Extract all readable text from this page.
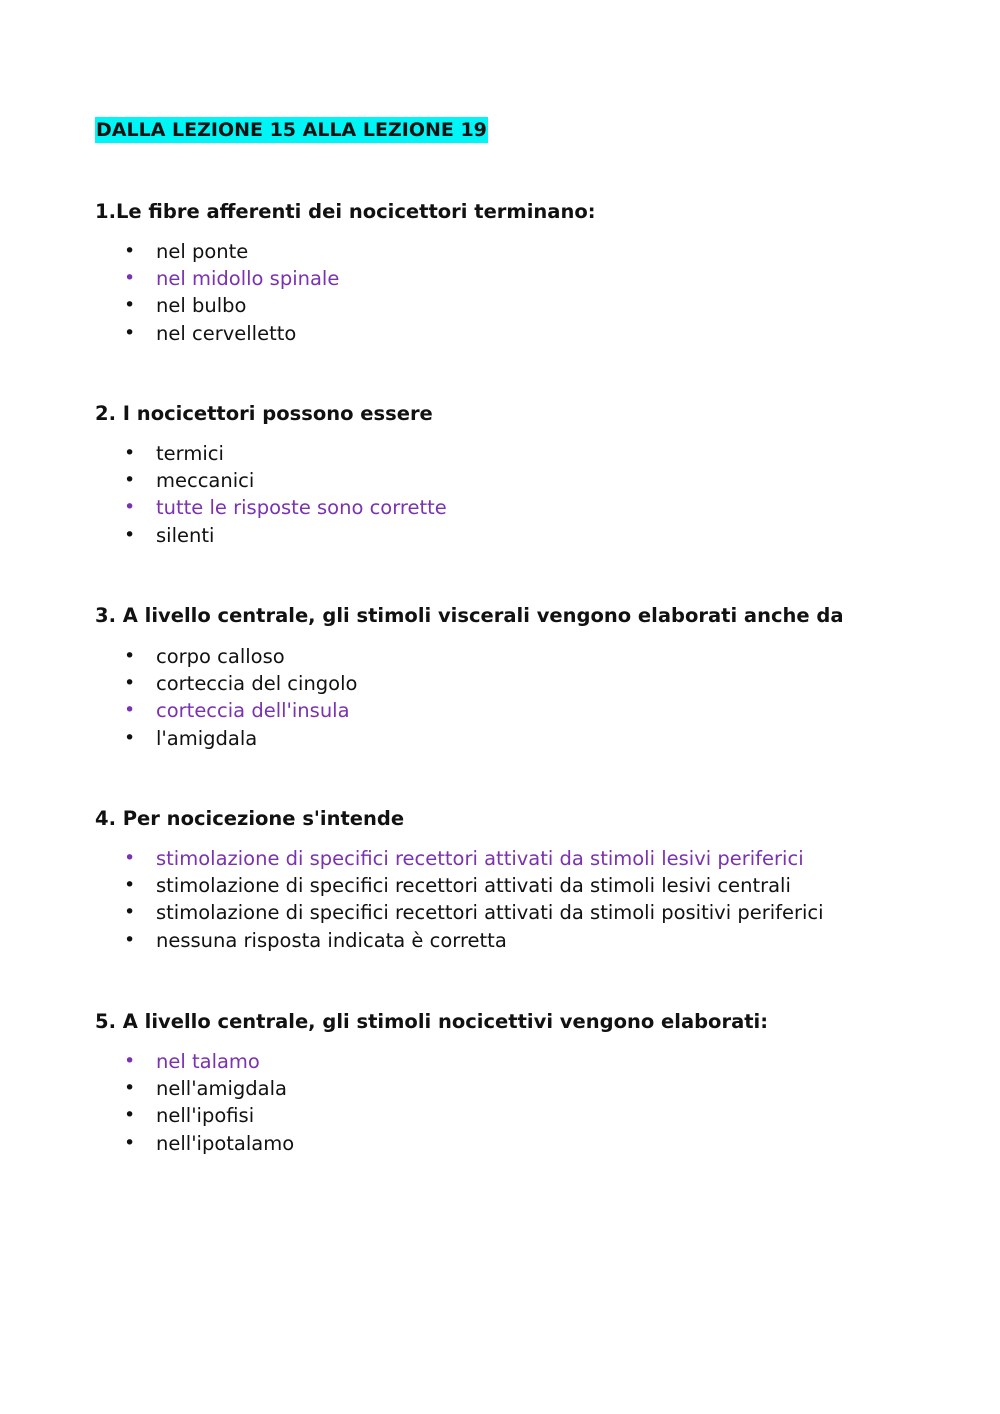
DALLA LEZIONE 15 ALLA LEZIONE 19

1.Le fibre afferenti dei nocicettori terminano:

• nel ponte
• nel midollo spinale
• nel bulbo
• nel cervelletto

2. I nocicettori possono essere

• termici
• meccanici
• tutte le risposte sono corrette
• silenti

3. A livello centrale, gli stimoli viscerali vengono elaborati anche da

• corpo calloso
• corteccia del cingolo
• corteccia dell'insula
• l'amigdala

4. Per nocicezione s'intende

• stimolazione di specifici recettori attivati da stimoli lesivi periferici
• stimolazione di specifici recettori attivati da stimoli lesivi centrali
• stimolazione di specifici recettori attivati da stimoli positivi periferici
• nessuna risposta indicata è corretta

5. A livello centrale, gli stimoli nocicettivi vengono elaborati:

• nel talamo
• nell'amigdala
• nell'ipofisi
• nell'ipotalamo
